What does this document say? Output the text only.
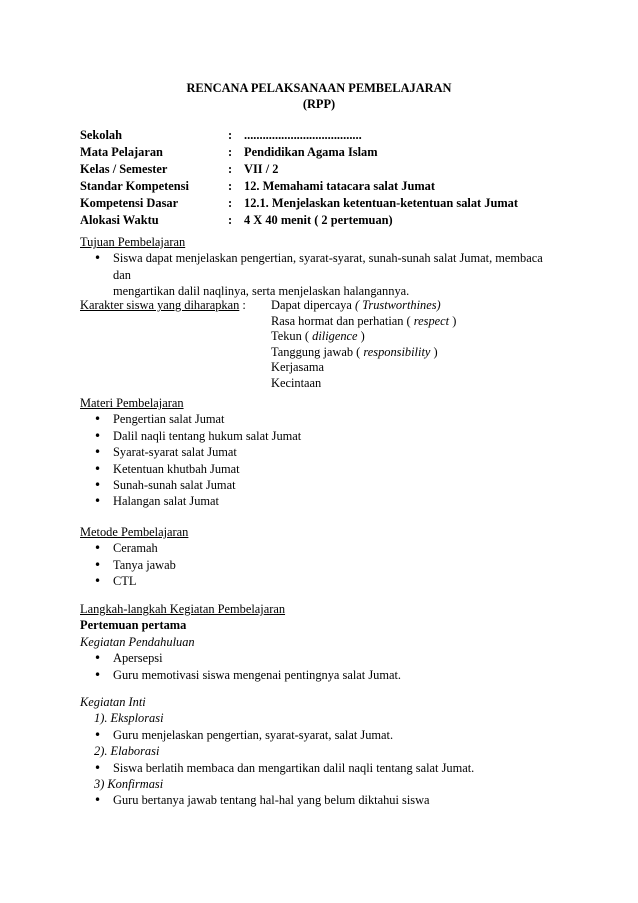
RENCANA PELAKSANAAN PEMBELAJARAN
(RPP)
Sekolah	:	......................................
Mata Pelajaran	:	Pendidikan Agama Islam
Kelas / Semester	:	VII / 2
Standar Kompetensi	:	12. Memahami tatacara salat Jumat
Kompetensi Dasar	:	12.1. Menjelaskan ketentuan-ketentuan salat Jumat
Alokasi Waktu	:	4 X 40 menit ( 2 pertemuan)
Tujuan Pembelajaran
• Siswa dapat menjelaskan pengertian, syarat-syarat, sunah-sunah salat Jumat, membaca dan
mengartikan dalil naqlinya, serta menjelaskan halangannya.
Karakter siswa yang diharapkan : Dapat dipercaya ( Trustworthines)
Rasa hormat dan perhatian ( respect )
Tekun ( diligence )
Tanggung jawab ( responsibility )
Kerjasama
Kecintaan
Materi Pembelajaran
• Pengertian salat Jumat
• Dalil naqli tentang hukum salat Jumat
• Syarat-syarat salat Jumat
• Ketentuan khutbah Jumat
• Sunah-sunah salat Jumat
• Halangan salat Jumat
Metode Pembelajaran
• Ceramah
• Tanya jawab
• CTL
Langkah-langkah Kegiatan Pembelajaran
Pertemuan pertama
Kegiatan Pendahuluan
• Apersepsi
• Guru memotivasi siswa mengenai pentingnya salat Jumat.
Kegiatan Inti
1). Eksplorasi
• Guru menjelaskan pengertian, syarat-syarat, salat Jumat.
2). Elaborasi
• Siswa berlatih membaca dan mengartikan dalil naqli tentang salat Jumat.
3) Konfirmasi
• Guru bertanya jawab tentang hal-hal yang belum diktahui siswa
